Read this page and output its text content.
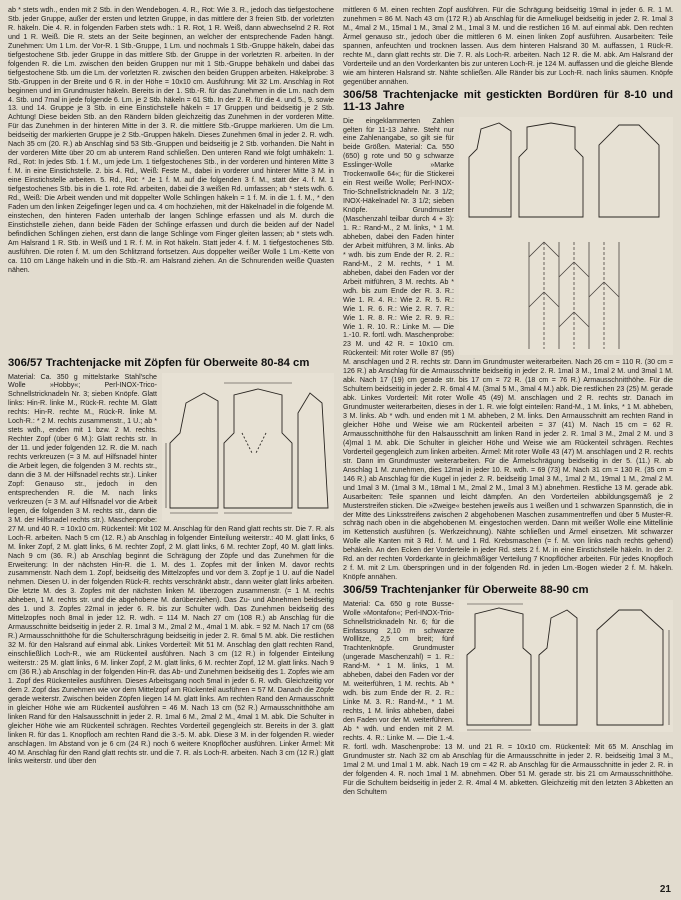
ab * stets wdh., enden mit 2 Stb. in den Wendebogen. 4. R., Rot: Wie 3. R., jedoch das tiefgestochene Stb. jeder Gruppe, außer der ersten und letzten Gruppe, in das mittlere der 3 freien Stb. der vorletzten R. häkeln. Die 4. R. in folgenden Farben stets wdh.: 1 R. Rot, 1 R. Weiß, dann abwechselnd 2 R. Rot und 1 R. Weiß. Die R. stets an der Seite beginnen, an welcher der entsprechende Faden hängt. Zunehmen: Um 1 Lm. der Vor-R. 1 Stb.-Gruppe, 1 Lm. und nochmals 1 Stb.-Gruppe häkeln, dabei das tiefgestochene Stb. jeder Gruppe in das mittlere Stb. der Gruppe in der vorletzten R. arbeiten. In der folgenden R. die Lm. zwischen den beiden Gruppen nur mit 1 Stb.-Gruppe behäkeln und dabei das tiefgestochene Stb. um die Lm. der vorletzten R. zwischen den beiden Gruppen arbeiten. Häkelprobe: 3 Stb.-Gruppen in der Breite und 6 R. in der Höhe = 10x10 cm. Ausführung: Mit 32 Lm. Anschlag in Rot beginnen und im Grundmuster häkeln. Bereits in der 1. Stb.-R. für das Zunehmen in die Lm. nach dem 4. Stb. und 7mal in jede folgende 6. Lm. je 2 Stb. häkeln = 61 Stb. In der 2. R. für die 4. und 5., 9. sowie 13. und 14. Gruppe je 3 Stb. in eine Einstichstelle häkeln = 17 Gruppen und beidseitig je 2 Stb. Achtung! Diese beiden Stb. an den Rändern bilden gleichzeitig das Zunehmen in der vorderen Mitte. Für das Zunehmen in der hinteren Mitte in der 3. R. die mittlere Stb.-Gruppe markieren. Um die Lm. beidseitig der markierten Gruppe je 2 Stb.-Gruppen häkeln. Dieses Zunehmen 6mal in jeder 2. R. wdh. Nach 35 cm (20. R.) ab Anschlag sind 53 Stb.-Gruppen und beidseitig je 2 Stb. vorhanden. Die Naht in der vorderen Mitte über 20 cm ab unterem Rand schließen. Den unteren Rand wie folgt umhäkeln: 1. Rd., Rot: In jedes Stb. 1 f. M., um jede Lm. 1 tiefgestochenes Stb., in der vorderen und hinteren Mitte 3 f. M. in eine Einstichstelle. 2. bis 4. Rd., Weiß: Feste M., dabei in vorderer und hinterer Mitte 3 M. in eine Einstichstelle arbeiten. 5. Rd., Rot: * Je 1 f. M. auf die folgenden 3 f. M., statt der 4. f. M. 1 tiefgestochenes Stb. bis in die 1. rote Rd. arbeiten, dabei die 3 weißen Rd. umfassen; ab * stets wdh. 6. Rd., Weiß: Die Arbeit wenden und mit doppelter Wolle Schlingen häkeln = 1 f. M. in die 1. f. M., * den Faden um den linken Zeigefinger legen und ca. 4 cm hochziehen, mit der Häkelnadel in die folgende M. einstechen, den hinteren Faden unterhalb der langen Schlinge erfassen und als M. durch die Einstichstelle ziehen, dann beide Fäden der Schlinge erfassen und durch die beiden auf der Nadel befindlichen Schlingen ziehen, erst dann die lange Schlinge vom Finger gleiten lassen; ab * stets wdh. Am Halsrand 1 R. Stb. in Weiß und 1 R. f. M. in Rot häkeln. Statt jeder 4. f. M. 1 tiefgestochenes Stb. ausführen. Die roten f. M. um den Schlitzrand fortsetzen. Aus doppelter weißer Wolle 1 Lm.-Kette von ca. 110 cm Länge häkeln und in die Stb.-R. am Halsrand ziehen. An die Schnurenden weiße Quasten nähen.

306/57 Trachtenjacke mit Zöpfen für Oberweite 80-84 cm

Material: Ca. 350 g mittelstarke Stahl'sche Wolle »Hobby«; Perl-INOX-Trico-Schnellstricknadeln Nr. 3; sieben Knöpfe. Glatt links: Hin-R. linke M., Rück-R. rechte M. Glatt rechts: Hin-R. rechte M., Rück-R. linke M. Loch-R.: * 2 M. rechts zusammenstr., 1 U.; ab * stets wdh., enden mit 1 bzw. 2 M. rechts. Rechter Zopf (über 6 M.): Glatt rechts str. In der 11. und jeder folgenden 12. R. die M. nach rechts verkreuzen (= 3 M. auf Hilfsnadel hinter die Arbeit legen, die folgenden 3 M. rechts str., dann die 3 M. der Hilfsnadel rechts str.). Linker Zopf: Genauso str., jedoch in den entsprechenden R. die M. nach links verkreuzen (= 3 M. auf Hilfsnadel vor die Arbeit legen, die folgenden 3 M. rechts str., dann die 3 M. der Hilfsnadel rechts str.). Maschenprobe: 27 M. und 40 R. = 10x10 cm. Rückenteil: Mit 102 M. Anschlag für den Rand glatt rechts str. Die 7. R. als Loch-R. arbeiten. Nach 5 cm (12. R.) ab Anschlag in folgender Einteilung weiterstr.: 40 M. glatt links, 6 M. linker Zopf, 2 M. glatt links, 6 M. rechter Zopf, 2 M. glatt links, 6 M. rechter Zopf, 40 M. glatt links. Nach 9 cm (36. R.) ab Anschlag beginnt die Schrägung der Zöpfe und das Zunehmen für die Erweiterung: In der nächsten Hin-R. die 1. M. des 1. Zopfes mit der linken M. davor rechts zusammenstr. Nach dem 1. Zopf, beidseitig des Mittelzopfes und vor dem 3. Zopf je 1 U. auf die Nadel nehmen. Diesen U. in der folgenden Rück-R. rechts verschränkt abstr., dann weiter glatt links arbeiten. Die letzte M. des 3. Zopfes mit der nächsten linken M. überzogen zusammenstr. (= 1 M. rechts abheben, 1 M. rechts str. und die abgehobene M. darüberziehen). Das Zu- und Abnehmen beidseitig des 1. und 3. Zopfes 22mal in jeder 6. R. bis zur Schulter wdh. Das Zunehmen beidseitig des Mittelzopfes noch 8mal in jeder 12. R. wdh. = 114 M. Nach 27 cm (108 R.) ab Anschlag für die Armausschnitte beidseitig in jeder 2. R. 1mal 3 M., 2mal 2 M., 4mal 1 M. abk. = 92 M. Nach 17 cm (68 R.) Armausschnitthöhe für die Schulterschrägung beidseitig in jeder 2. R. 6mal 5 M. abk. Die restlichen 32 M. für den Halsrand auf einmal abk. Linkes Vorderteil: Mit 51 M. Anschlag den glatt rechten Rand, einschließlich Loch-R., wie am Rückenteil ausführen. Nach 3 cm (12 R.) in folgender Einteilung weiterstr.: 25 M. glatt links, 6 M. linker Zopf, 2 M. glatt links, 6 M. rechter Zopf, 12 M. glatt links. Nach 9 cm (36 R.) ab Anschlag in der folgenden Hin-R. das Ab- und Zunehmen beidseitig des 1. Zopfes wie am 1. Zopf des Rückenteiles ausführen. Dieses Arbeitsgang noch 5mal in jeder 6. R. wdh. Gleichzeitig vor dem 2. Zopf das Zunehmen wie vor dem Mittelzopf am Rückenteil ausführen = 57 M. Danach die Zöpfe gerade weiterstr. Zwischen beiden Zöpfen liegen 14 M. glatt links. Am rechten Rand den Armausschnitt in gleicher Höhe wie am Rückenteil ausführen = 46 M. Nach 13 cm (52 R.) Armausschnitthöhe am linken Rand für den Halsausschnitt in jeder 2. R. 1mal 6 M., 2mal 2 M., 4mal 1 M. abk. Die Schulter in gleicher Höhe wie am Rückenteil schrägen. Rechtes Vorderteil gegengleich str. Bereits in der 3. glatt linken R. für das 1. Knopfloch am rechten Rand die 3.-5. M. abk. Diese 3 M. in der folgenden R. wieder anschlagen. Im Abstand von je 6 cm (24 R.) noch 6 weitere Knopflöcher ausführen. Linker Ärmel: Mit 40 M. Anschlag für den Rand glatt rechts str. und die 7. R. als Loch-R. arbeiten. Nach 3 cm (12 R.) glatt links weiterstr. und über den

mittleren 6 M. einen rechten Zopf ausführen. Für die Schrägung beidseitig 19mal in jeder 6. R. 1 M. zunehmen = 86 M. Nach 43 cm (172 R.) ab Anschlag für die Armelkugel beidseitig in jeder 2. R. 1mal 3 M., 4mal 2 M., 15mal 1 M., 3mal 2 M., 1mal 3 M. und die restlichen 16 M. auf einmal abk. Den rechten Ärmel genauso str., jedoch über die mittleren 6 M. einen linken Zopf ausführen. Ausarbeiten: Teile spannen, anfeuchten und trocknen lassen. Aus dem hinteren Halsrand 30 M. auffassen, 1 Rück-R. rechte M., dann glatt rechts str. Die 7. R. als Loch-R. arbeiten. Nach 12 R. die M. abk. Am Halsrand der Vorderteile und an den Vorderkanten bis zur unteren Loch-R. je 124 M. auffassen und die gleiche Blende wie am hinteren Halsrand str. Nähte schließen. Alle Ränder bis zur Loch-R. nach links säumen. Knöpfe gegenüber annähen.

306/58 Trachtenjacke mit gestickten Bordüren für 8-10 und 11-13 Jahre

Die eingeklammerten Zahlen gelten für 11-13 Jahre. Steht nur eine Zahlenangabe, so gilt sie für beide Größen. Material: Ca. 550 (650) g rote und 50 g schwarze Esslinger-Wolle »Marke Trockenwolle 64«; für die Stickerei ein Rest weiße Wolle; Perl-INOX-Trio-Schnellstricknadeln Nr. 3 1/2; INOX-Häkelnadel Nr. 3 1/2; sieben Knöpfe. Grundmuster (Maschenzahl teilbar durch 4 + 3): 1. R.: Rand-M., 2 M. links, * 1 M. abheben, dabei den Faden hinter der Arbeit mitführen, 3 M. links. Ab * wdh. bis zum Ende der R. 2. R.: Rand-M., 2 M. rechts, * 1 M. abheben, dabei den Faden vor der Arbeit mitführen, 3 M. rechts. Ab * wdh. bis zum Ende der R. 3. R.: Wie 1. R. 4. R.: Wie 2. R. 5. R.: Wie 1. R. 6. R.: Wie 2. R. 7. R.: Wie 1. R. 8. R.: Wie 2. R. 9. R.: Wie 1. R. 10. R.: Linke M. — Die 1.-10. R. fortl. wdh. Maschenprobe: 23 M. und 42 R. = 10x10 cm. Rückenteil: Mit roter Wolle 87 (95) M. anschlagen und 2 R. rechts str. Dann im Grundmuster weiterarbeiten. Nach 26 cm = 110 R. (30 cm = 126 R.) ab Anschlag für die Armausschnitte beidseitig in jeder 2. R. 1mal 3 M., 1mal 2 M. und 3mal 1 M. abk. Nach 17 (19) cm gerade str. bis 17 cm = 72 R. (18 cm = 76 R.) Armausschnitthöhe. Für die Schultern beidseitig in jeder 2. R. 6mal 4 M. (3mal 5 M., 3mal 4 M.) abk. Die restlichen 23 (25) M. gerade abk. Linkes Vorderteil: Mit roter Wolle 45 (49) M. anschlagen und 2 R. rechts str. Danach im Grundmuster weiterarbeiten, dieses in der 1. R. wie folgt einteilen: Rand-M., 1 M. links, * 1 M. abheben, 3 M. links. Ab * wdh. und enden mit 1 M. abheben, 2 M. links. Den Armausschnitt am rechten Rand in gleicher Höhe und Weise wie am Rückenteil arbeiten = 37 (41) M. Nach 15 cm = 62 R. Armausschnitthöhe für den Halsausschnitt am linken Rand in jeder 2. R. 1mal 3 M., 2mal 2 M. und 3 (4)mal 1 M. abk. Die Schulter in gleicher Höhe und Weise wie am Rückenteil schrägen. Rechtes Vorderteil gegengleich zum linken arbeiten. Ärmel: Mit roter Wolle 43 (47) M. anschlagen und 2 R. rechts str. Dann im Grundmuster weiterarbeiten. Für die Ärmelschrägung beidseitig in der 5. (11.) R. ab Anschlag 1 M. zunehmen, dies 12mal in jeder 10. R. wdh. = 69 (73) M. Nach 31 cm = 130 R. (35 cm = 146 R.) ab Anschlag für die Kugel in jeder 2. R. beidseitig 1mal 3 M., 1mal 2 M., 19mal 1 M., 2mal 2 M. und 1mal 3 M. (1mal 3 M., 18mal 1 M., 2mal 2 M., 1mal 3 M.) abnehmen. Restliche 13 M. gerade abk. Ausarbeiten: Teile spannen und leicht dämpfen. An den Vorderteilen abbildungsgemäß je 2 Musterstreifen sticken. Die »Zweige« bestehen jeweils aus 1 weißen und 1 schwarzen Spannstich, die in der Mitte des Linksstreifens zwischen 2 abgehobenen Maschen zusammentreffen und über 5 Muster-R. schräg nach oben in die abgehobenen M. eingestochen werden. Dann mit weißer Wolle eine Mittellinie im Kettenstich ausführen (s. Werkzeichnung). Nähte schließen und Ärmel einsetzen. Mit schwarzer Wolle alle Kanten mit 3 Rd. f. M. und 1 Rd. Krebsmaschen (= f. M. von links nach rechts gehend) behäkeln. An den Ecken der Vorderteile in jeder Rd. stets 2 f. M. in eine Einstichstelle häkeln. In der 2. Rd. an der rechten Vorderkante in gleichmäßiger Verteilung 7 Knopflöcher arbeiten. Für jedes Knopfloch 2 f. M. mit 2 Lm. überspringen und in der folgenden Rd. in jeden Lm.-Bogen wieder 2 f. M. häkeln. Knöpfe annähen.

306/59 Trachtenjanker für Oberweite 88-90 cm

Material: Ca. 650 g rote Busse-Wolle »Montafon«; Perl-INOX-Trio-Schnellstricknadeln Nr. 6; für die Einfassung 2,10 m schwarze Wolllitze, 2,5 cm breit; fünf Trachtenknöpfe. Grundmuster (ungerade Maschenzahl) = 1. R.: Rand-M. * 1 M. links, 1 M. abheben, dabei den Faden vor der M. weiterführen, 1 M. rechts. Ab * wdh. bis zum Ende der R. 2. R.: Linke M. 3. R.: Rand-M., * 1 M. rechts, 1 M. links abheben, dabei den Faden vor der M. weiterführen. Ab * wdh. und enden mit 2 M. rechts. 4. R.: Linke M. — Die 1.-4. R. fortl. wdh. Maschenprobe: 13 M. und 21 R. = 10x10 cm. Rückenteil: Mit 65 M. Anschlag im Grundmuster str. Nach 32 cm ab Anschlag für die Armausschnitte in jeder 2. R. beidseitig 1mal 3 M., 1mal 2 M. und 1mal 1 M. abk. Nach 19 cm = 42 R. ab Anschlag für die Armausschnitte in jeder 2. R. in der folgenden 4. R. noch 1mal 1 M. abnehmen. Ober 51 M. gerade str. bis 21 cm Armausschnitthöhe. Für die Schultern beidseitig in jeder 2. R. 4mal 4 M. abketten. Gleichzeitig mit den letzten 3 Abketten an den Schultern

21
